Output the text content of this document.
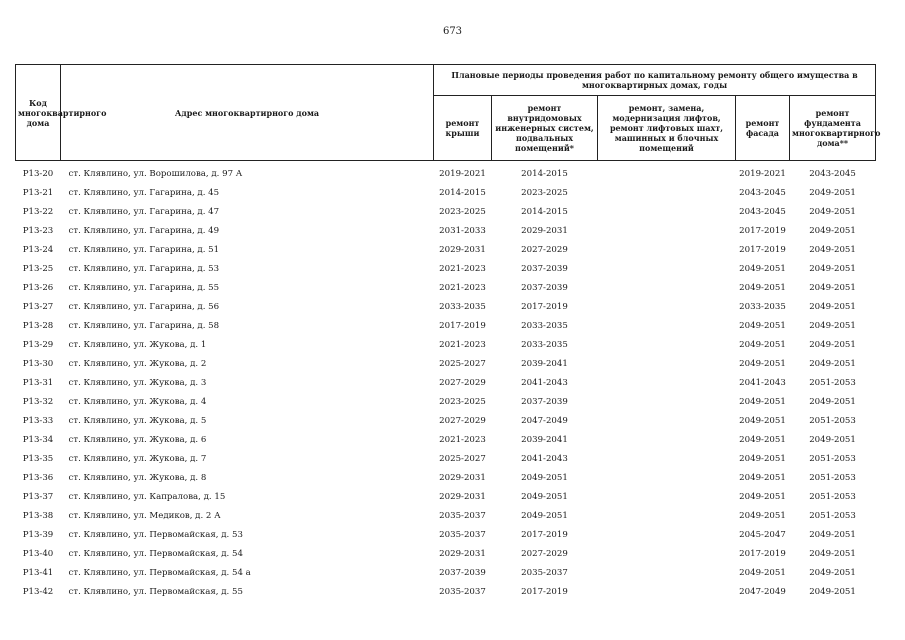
673
Код многоквартирного дома	Адрес многоквартирного дома	Плановые периоды проведения работ по капитальному ремонту общего имущества в многоквартирных домах, годы				
		ремонт крыши	ремонт внутридомовых инженерных систем, подвальных помещений*	ремонт, замена, модернизация лифтов, ремонт лифтовых шахт, машинных и блочных помещений	ремонт фасада	ремонт фундамента многоквартирного дома**
Р13-20	ст. Клявлино, ул. Ворошилова, д. 97 А	2019-2021	2014-2015		2019-2021	2043-2045
Р13-21	ст. Клявлино, ул. Гагарина, д. 45	2014-2015	2023-2025		2043-2045	2049-2051
Р13-22	ст. Клявлино, ул. Гагарина, д. 47	2023-2025	2014-2015		2043-2045	2049-2051
Р13-23	ст. Клявлино, ул. Гагарина, д. 49	2031-2033	2029-2031		2017-2019	2049-2051
Р13-24	ст. Клявлино, ул. Гагарина, д. 51	2029-2031	2027-2029		2017-2019	2049-2051
Р13-25	ст. Клявлино, ул. Гагарина, д. 53	2021-2023	2037-2039		2049-2051	2049-2051
Р13-26	ст. Клявлино, ул. Гагарина, д. 55	2021-2023	2037-2039		2049-2051	2049-2051
Р13-27	ст. Клявлино, ул. Гагарина, д. 56	2033-2035	2017-2019		2033-2035	2049-2051
Р13-28	ст. Клявлино, ул. Гагарина, д. 58	2017-2019	2033-2035		2049-2051	2049-2051
Р13-29	ст. Клявлино, ул. Жукова, д. 1	2021-2023	2033-2035		2049-2051	2049-2051
Р13-30	ст. Клявлино, ул. Жукова, д. 2	2025-2027	2039-2041		2049-2051	2049-2051
Р13-31	ст. Клявлино, ул. Жукова, д. 3	2027-2029	2041-2043		2041-2043	2051-2053
Р13-32	ст. Клявлино, ул. Жукова, д. 4	2023-2025	2037-2039		2049-2051	2049-2051
Р13-33	ст. Клявлино, ул. Жукова, д. 5	2027-2029	2047-2049		2049-2051	2051-2053
Р13-34	ст. Клявлино, ул. Жукова, д. 6	2021-2023	2039-2041		2049-2051	2049-2051
Р13-35	ст. Клявлино, ул. Жукова, д. 7	2025-2027	2041-2043		2049-2051	2051-2053
Р13-36	ст. Клявлино, ул. Жукова, д. 8	2029-2031	2049-2051		2049-2051	2051-2053
Р13-37	ст. Клявлино, ул. Капралова, д. 15	2029-2031	2049-2051		2049-2051	2051-2053
Р13-38	ст. Клявлино, ул. Медиков, д. 2 А	2035-2037	2049-2051		2049-2051	2051-2053
Р13-39	ст. Клявлино, ул. Первомайская, д. 53	2035-2037	2017-2019		2045-2047	2049-2051
Р13-40	ст. Клявлино, ул. Первомайская, д. 54	2029-2031	2027-2029		2017-2019	2049-2051
Р13-41	ст. Клявлино, ул. Первомайская, д. 54 а	2037-2039	2035-2037		2049-2051	2049-2051
Р13-42	ст. Клявлино, ул. Первомайская, д. 55	2035-2037	2017-2019		2047-2049	2049-2051
